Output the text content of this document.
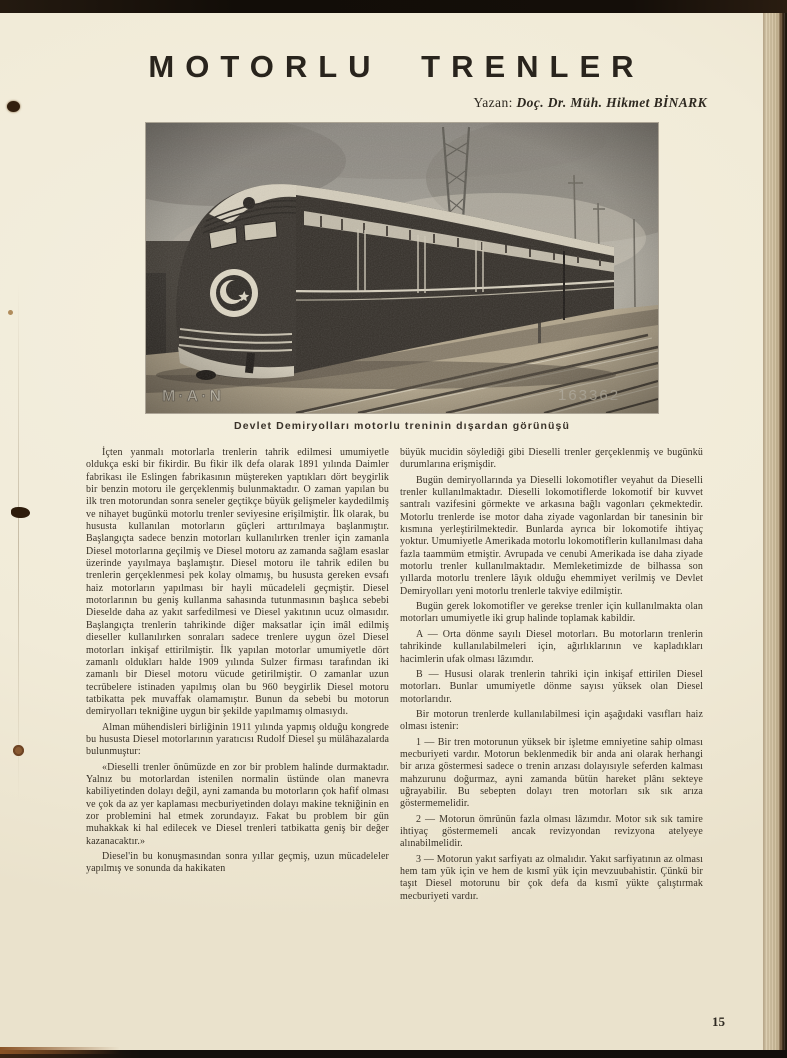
MOTORLU TRENLER
Yazan: Doç. Dr. Müh. Hikmet BİNARK
Devlet Demiryolları motorlu treninin dışardan görünüşü

İçten yanmalı motorlarla trenlerin tahrik edilmesi umumiyetle oldukça eski bir fikirdir. Bu fikir ilk defa olarak 1891 yılında Daimler fabrikası ile Eslingen fabrikasının müştereken yaptıkları dört beygirlik bir benzin motoru ile gerçeklenmiş bulunmaktadır. O zaman yapılan bu ilk tren motorundan sonra seneler geçtikçe büyük gelişmeler kaydedilmiş ve nihayet bugünkü motorlu trenler seviyesine erişilmiştir. İlk olarak, bu hususta kullanılan motorların güçleri arttırılmaya başlanmıştır. Başlangıçta sadece benzin motorları kullanılırken trenler için zamanla Diesel motorlarına geçilmiş ve Diesel motoru az zamanda sağlam esaslar üzerinde yayılmaya başlamıştır. Diesel motoru ile tahrik edilen bu trenlerin gerçeklenmesi pek kolay olmamış, bu hususta gereken evsafı haiz motorların yapılması bir hayli mücadeleli geçmiştir. Diesel motorlarının bu geniş kullanma sahasında tutunmasının başlıca sebebi Dieselde daha az yakıt sarfedilmesi ve Diesel yakıtının ucuz olmasıdır. Başlangıçta trenlerin tahrikinde diğer maksatlar için imâl edilmiş dieseller kullanılırken sonraları sadece trenlere uygun özel Diesel motorları inkişaf ettirilmiştir. İlk yapılan motorlar umumiyetle dört zamanlı oldukları halde 1909 yılında Sulzer firması tarafından iki zamanlı bir Diesel motoru vücude getirilmiştir. O zamanlar uzun tecrübelere istinaden yapılmış olan bu 960 beygirlik Diesel motoru tatbikatta pek muvaffak olamamıştır. Bunun da sebebi bu motorun demiryolları tekniğine uygun bir şekilde yapılmamış olmasıydı.

Alman mühendisleri birliğinin 1911 yılında yapmış olduğu kongrede bu hususta Diesel motorlarının yaratıcısı Rudolf Diesel şu mülâhazalarda bulunmuştur:

«Dieselli trenler önümüzde en zor bir problem halinde durmaktadır. Yalnız bu motorlardan istenilen normalin üstünde olan manevra kabiliyetinden dolayı değil, ayni zamanda bu motorların çok hafif olması ve çok da az yer kaplaması mecburiyetinden dolayı makine tekniğinin en zor problemini hal etmek zorundayız. Fakat bu problem bir gün muhakkak ki hal edilecek ve Diesel trenleri tatbikatta geniş bir değer kazanacaktır.»

Diesel'in bu konuşmasından sonra yıllar geçmiş, uzun mücadeleler yapılmış ve sonunda da hakikaten

büyük mucidin söylediği gibi Dieselli trenler gerçeklenmiş ve bugünkü durumlarına erişmişdir.

Bugün demiryollarında ya Dieselli lokomotifler veyahut da Dieselli trenler kullanılmaktadır. Dieselli lokomotiflerde lokomotif bir kuvvet santralı vazifesini görmekte ve arkasına bağlı vagonları çekmektedir. Motorlu trenlerde ise motor daha ziyade vagonlardan bir tanesinin bir kısmına yerleştirilmektedir. Bunlarda ayrıca bir lokomotife ihtiyaç yoktur. Umumiyetle Amerikada motorlu lokomotiflerin kullanılması daha fazla taammüm etmiştir. Avrupada ve cenubi Amerikada ise daha ziyade motorlu trenler kullanılmaktadır. Memleketimizde de bilhassa son yıllarda motorlu trenlere lâyık olduğu ehemmiyet verilmiş ve Devlet Demiryolları yeni motorlu trenlerle takviye edilmiştir.

Bugün gerek lokomotifler ve gerekse trenler için kullanılmakta olan motorları umumiyetle iki grup halinde toplamak kabildir.

A — Orta dönme sayılı Diesel motorları. Bu motorların trenlerin tahrikinde kullanılabilmeleri için, ağırlıklarının ve kapladıkları hacimlerin ufak olması lâzımdır.

B — Hususi olarak trenlerin tahriki için inkişaf ettirilen Diesel motorları. Bunlar umumiyetle dönme sayısı yüksek olan Diesel motorlarıdır.

Bir motorun trenlerde kullanılabilmesi için aşağıdaki vasıfları haiz olması istenir:

1 — Bir tren motorunun yüksek bir işletme emniyetine sahip olması mecburiyeti vardır. Motorun beklenmedik bir anda ani olarak herhangi bir arıza göstermesi sadece o trenin arızası dolayısıyle seferden kalması mahzurunu doğurmaz, ayni zamanda bütün hareket plânı sekteye uğrayabilir. Bu sebepten dolayı tren motorları sık sık arıza göstermemelidir.

2 — Motorun ömrünün fazla olması lâzımdır. Motor sık sık tamire ihtiyaç göstermemeli ancak revizyondan revizyona atelyeye alınabilmelidir.

3 — Motorun yakıt sarfiyatı az olmalıdır. Yakıt sarfiyatının az olması hem tam yük için ve hem de kısmî yük için mevzuubahistir. Çünkü bir taşıt Diesel motorunu bir çok defa da kısmî yükte çalıştırmak mecburiyeti vardır.

15
